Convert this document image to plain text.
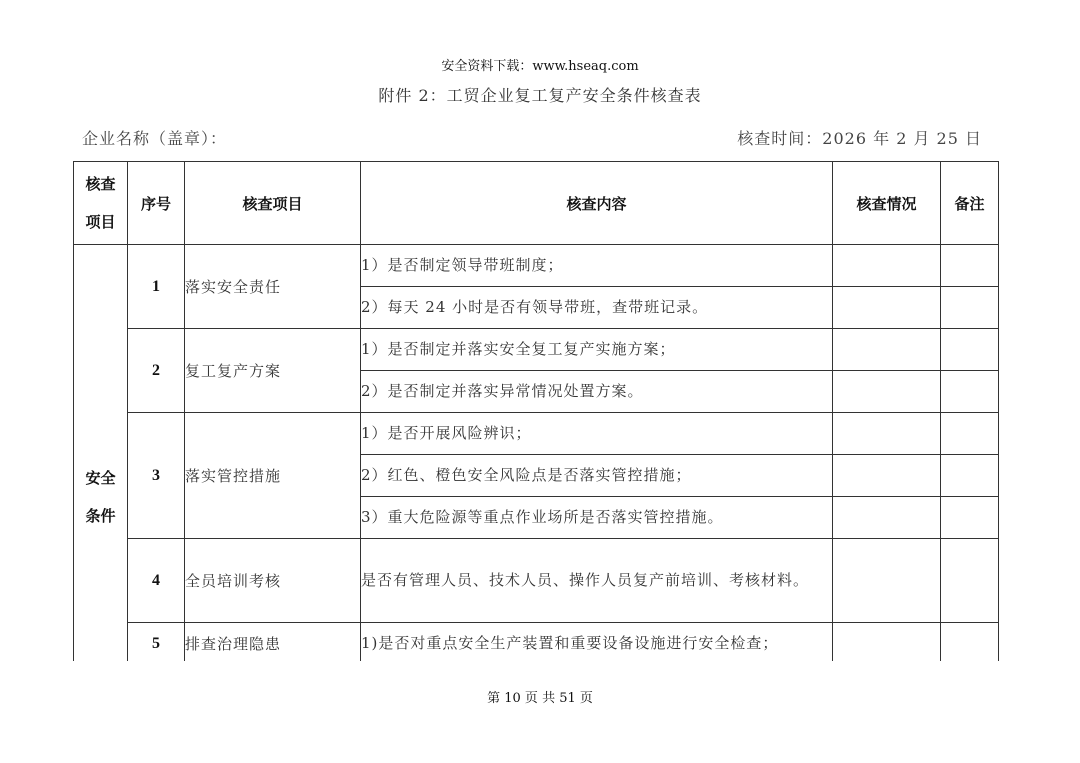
安全资料下载：www.hseaq.com
附件 2：工贸企业复工复产安全条件核查表
企业名称（盖章）：	核查时间：2026 年 2 月 25 日
核查
项目	序号	核查项目	核查内容	核查情况	备注

安全
条件	1	落实安全责任	1）是否制定领导带班制度；		
			2）每天 24 小时是否有领导带班，查带班记录。		
	2	复工复产方案	1）是否制定并落实安全复工复产实施方案；		
			2）是否制定并落实异常情况处置方案。		
	3	落实管控措施	1）是否开展风险辨识；		
			2）红色、橙色安全风险点是否落实管控措施；		
			3）重大危险源等重点作业场所是否落实管控措施。		
	4	全员培训考核	是否有管理人员、技术人员、操作人员复产前培训、考核材料。		
	5	排查治理隐患	1)是否对重点安全生产装置和重要设备设施进行安全检查；		

第 10 页 共 51 页
